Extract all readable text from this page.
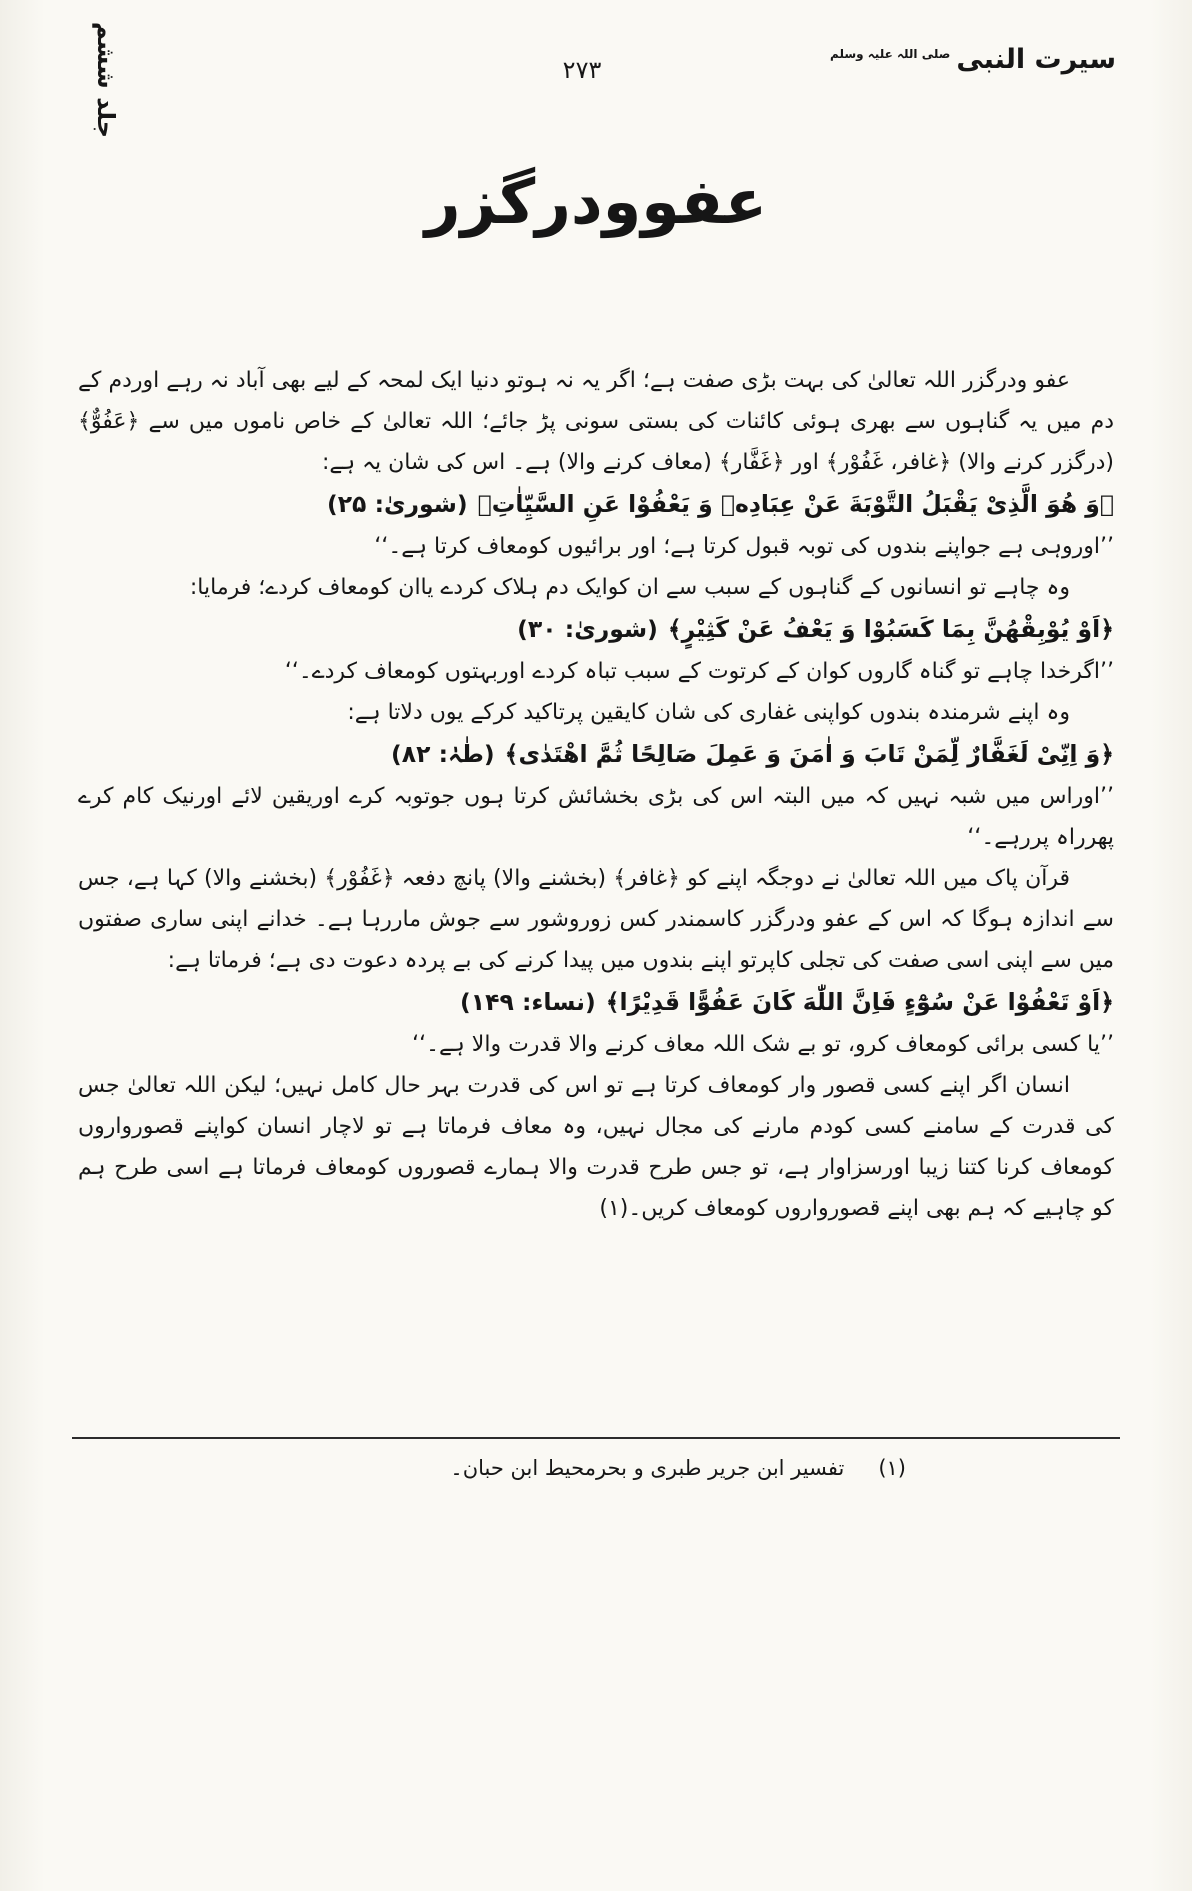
سیرت النبیصلی اللہ علیہ وسلم
۲۷۳
جلد ششم
عفوودرگزر

عفو ودرگزر اللہ تعالیٰ کی بہت بڑی صفت ہے؛ اگر یہ نہ ہوتو دنیا ایک لمحہ کے لیے بھی آباد نہ رہے اوردم کے دم میں یہ گناہوں سے بھری ہوئی کائنات کی بستی سونی پڑ جائے؛ اللہ تعالیٰ کے خاص ناموں میں سے ﴿عَفُوٌّ﴾ (درگزر کرنے والا) ﴿غافر، غَفُوْر﴾ اور ﴿غَفَّار﴾ (معاف کرنے والا) ہے۔ اس کی شان یہ ہے:

﴿وَ هُوَ الَّذِیْ یَقْبَلُ التَّوْبَةَ عَنْ عِبَادِهٖ وَ یَعْفُوْا عَنِ السَّیِّاٰتِ﴾(شوریٰ: ۲۵)

’’اوروہی ہے جواپنے بندوں کی توبہ قبول کرتا ہے؛ اور برائیوں کومعاف کرتا ہے۔‘‘

وہ چاہے تو انسانوں کے گناہوں کے سبب سے ان کوایک دم ہلاک کردے یاان کومعاف کردے؛ فرمایا:

﴿اَوْ یُوْبِقْهُنَّ بِمَا كَسَبُوْا وَ یَعْفُ عَنْ كَثِیْرٍ﴾(شوریٰ: ۳۰)

’’اگرخدا چاہے تو گناہ گاروں کوان کے کرتوت کے سبب تباہ کردے اوربہتوں کومعاف کردے۔‘‘

وہ اپنے شرمندہ بندوں کواپنی غفاری کی شان کایقین پرتاکید کرکے یوں دلاتا ہے:

﴿وَ اِنِّیْ لَغَفَّارٌ لِّمَنْ تَابَ وَ اٰمَنَ وَ عَمِلَ صَالِحًا ثُمَّ اهْتَدٰی﴾(طٰہٰ: ۸۲)

’’اوراس میں شبہ نہیں کہ میں البتہ اس کی بڑی بخشائش کرتا ہوں جوتوبہ کرے اوریقین لائے اورنیک کام کرے پھرراہ پررہے۔‘‘

قرآن پاک میں اللہ تعالیٰ نے دوجگہ اپنے کو ﴿غافر﴾ (بخشنے والا) پانچ دفعہ ﴿غَفُوْر﴾ (بخشنے والا) کہا ہے، جس سے اندازہ ہوگا کہ اس کے عفو ودرگزر کاسمندر کس زوروشور سے جوش ماررہا ہے۔ خدانے اپنی ساری صفتوں میں سے اپنی اسی صفت کی تجلی کاپرتو اپنے بندوں میں پیدا کرنے کی بے پردہ دعوت دی ہے؛ فرماتا ہے:

﴿اَوْ تَعْفُوْا عَنْ سُوْٓءٍ فَاِنَّ اللّٰهَ كَانَ عَفُوًّا قَدِیْرًا﴾(نساء: ۱۴۹)

’’یا کسی برائی کومعاف کرو، تو بے شک اللہ معاف کرنے والا قدرت والا ہے۔‘‘

انسان اگر اپنے کسی قصور وار کومعاف کرتا ہے تو اس کی قدرت بہر حال کامل نہیں؛ لیکن اللہ تعالیٰ جس کی قدرت کے سامنے کسی کودم مارنے کی مجال نہیں، وہ معاف فرماتا ہے تو لاچار انسان کواپنے قصورواروں کومعاف کرنا کتنا زیبا اورسزاوار ہے، تو جس طرح قدرت والا ہمارے قصوروں کومعاف فرماتا ہے اسی طرح ہم کو چاہیے کہ ہم بھی اپنے قصورواروں کومعاف کریں۔(۱)

(۱)
تفسیر ابن جریر طبری و بحرمحیط ابن حبان۔
